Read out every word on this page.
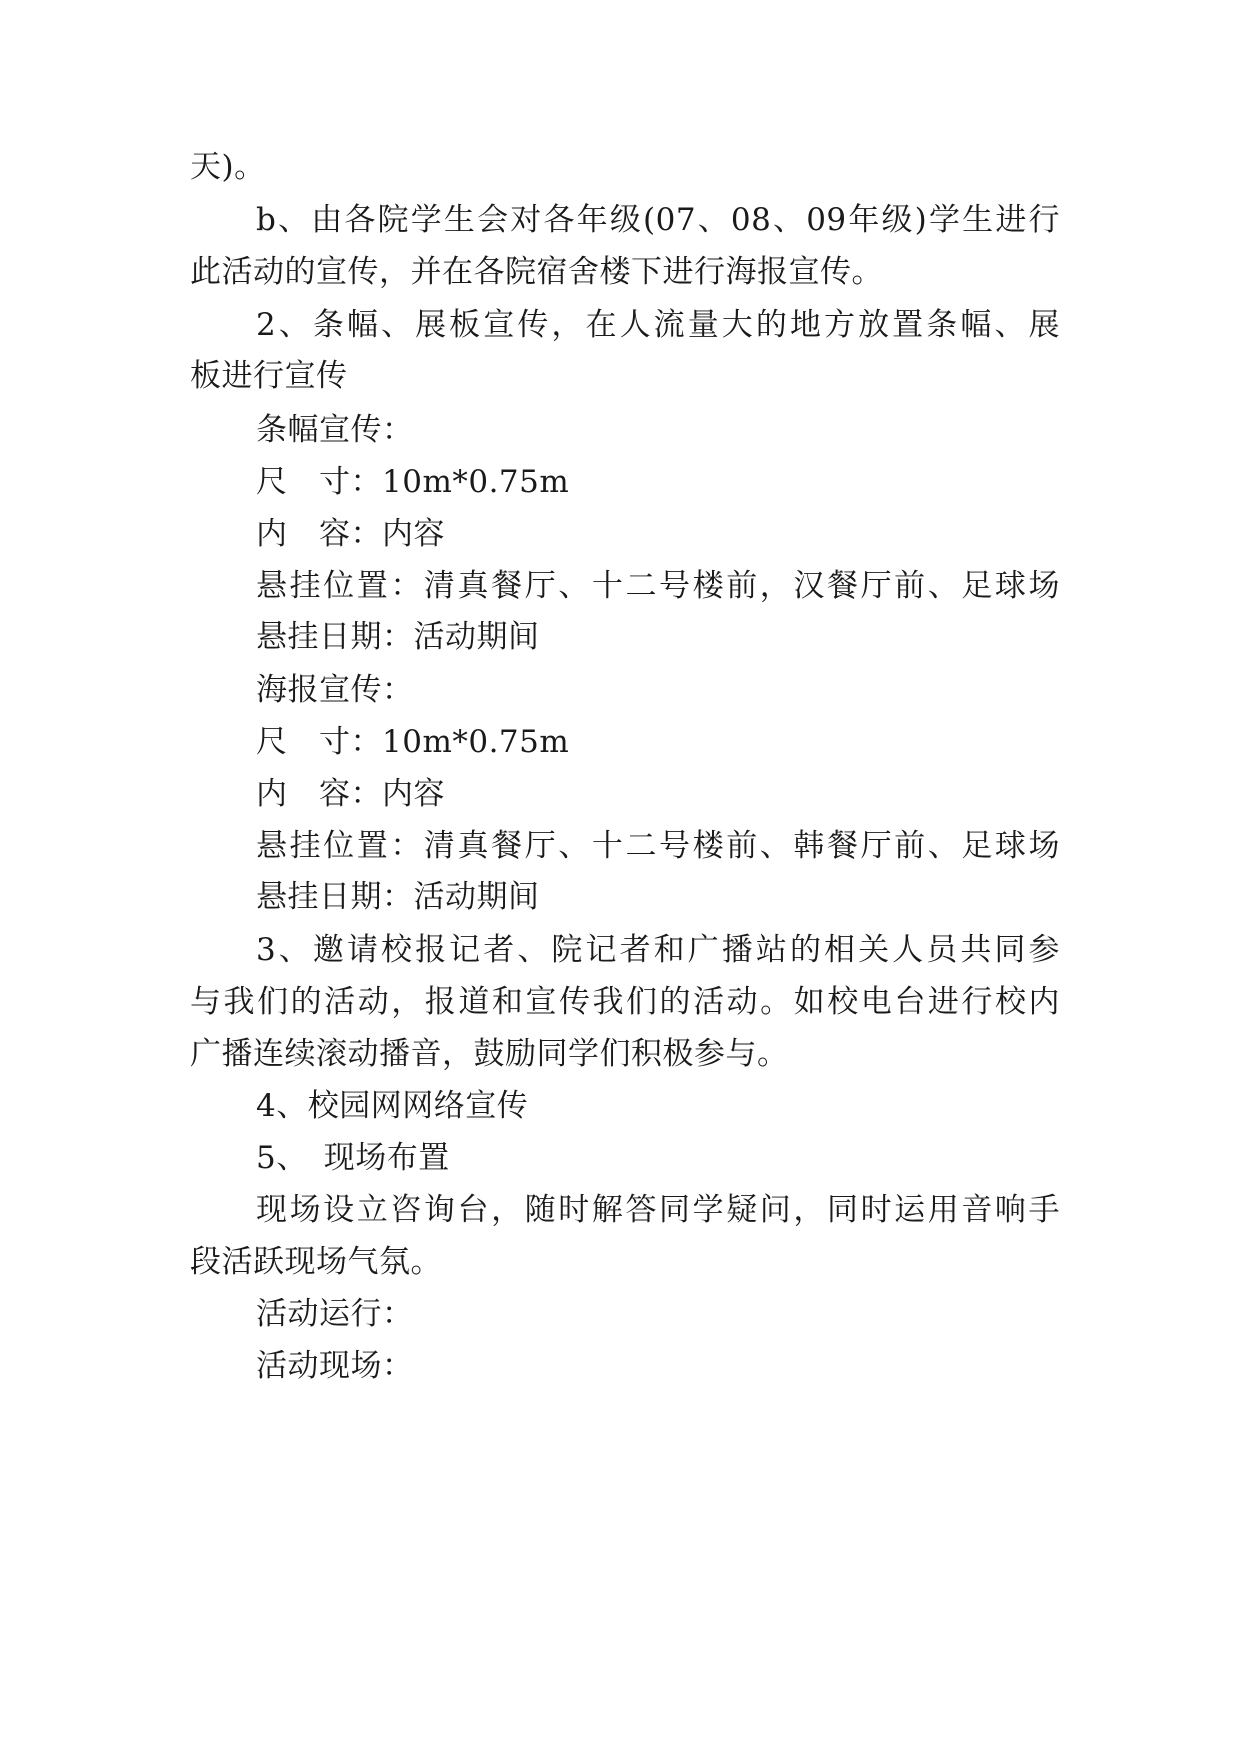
天)。
b、由各院学生会对各年级(07、08、09年级)学生进行
此活动的宣传，并在各院宿舍楼下进行海报宣传。
2、条幅、展板宣传，在人流量大的地方放置条幅、展
板进行宣传
条幅宣传：
尺　寸：10m*0.75m
内　容：内容
悬挂位置：清真餐厅、十二号楼前，汉餐厅前、足球场
悬挂日期：活动期间
海报宣传：
尺　寸：10m*0.75m
内　容：内容
悬挂位置：清真餐厅、十二号楼前、韩餐厅前、足球场
悬挂日期：活动期间
3、邀请校报记者、院记者和广播站的相关人员共同参
与我们的活动，报道和宣传我们的活动。如校电台进行校内
广播连续滚动播音，鼓励同学们积极参与。
4、校园网网络宣传
5、　现场布置
现场设立咨询台，随时解答同学疑问，同时运用音响手
段活跃现场气氛。
活动运行：
活动现场：
